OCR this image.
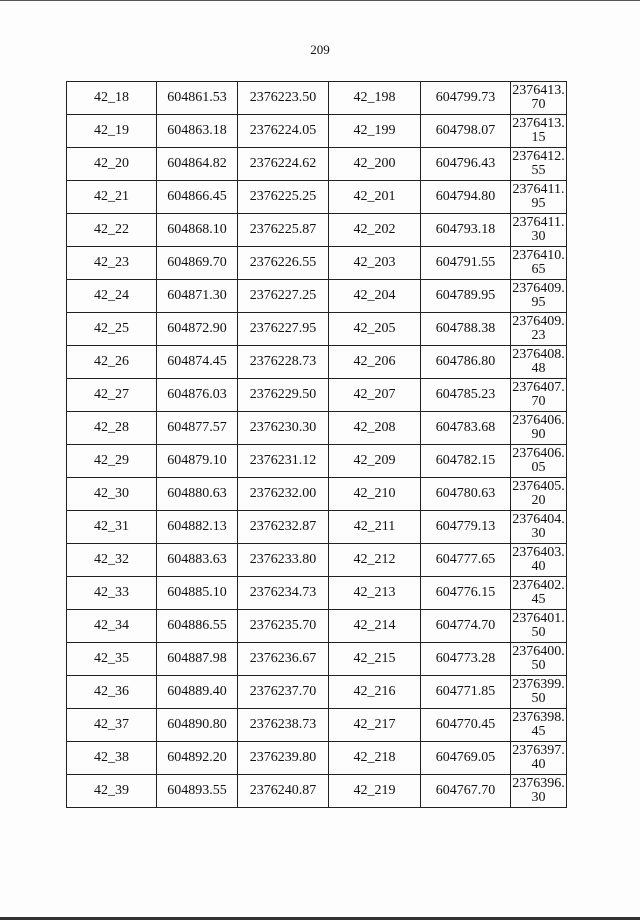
209
42_18	604861.53	2376223.50	42_198	604799.73	2376413.70

42_19	604863.18	2376224.05	42_199	604798.07	2376413.15

42_20	604864.82	2376224.62	42_200	604796.43	2376412.55

42_21	604866.45	2376225.25	42_201	604794.80	2376411.95

42_22	604868.10	2376225.87	42_202	604793.18	2376411.30

42_23	604869.70	2376226.55	42_203	604791.55	2376410.65

42_24	604871.30	2376227.25	42_204	604789.95	2376409.95

42_25	604872.90	2376227.95	42_205	604788.38	2376409.23

42_26	604874.45	2376228.73	42_206	604786.80	2376408.48

42_27	604876.03	2376229.50	42_207	604785.23	2376407.70

42_28	604877.57	2376230.30	42_208	604783.68	2376406.90

42_29	604879.10	2376231.12	42_209	604782.15	2376406.05

42_30	604880.63	2376232.00	42_210	604780.63	2376405.20

42_31	604882.13	2376232.87	42_211	604779.13	2376404.30

42_32	604883.63	2376233.80	42_212	604777.65	2376403.40

42_33	604885.10	2376234.73	42_213	604776.15	2376402.45

42_34	604886.55	2376235.70	42_214	604774.70	2376401.50

42_35	604887.98	2376236.67	42_215	604773.28	2376400.50

42_36	604889.40	2376237.70	42_216	604771.85	2376399.50

42_37	604890.80	2376238.73	42_217	604770.45	2376398.45

42_38	604892.20	2376239.80	42_218	604769.05	2376397.40

42_39	604893.55	2376240.87	42_219	604767.70	2376396.30
